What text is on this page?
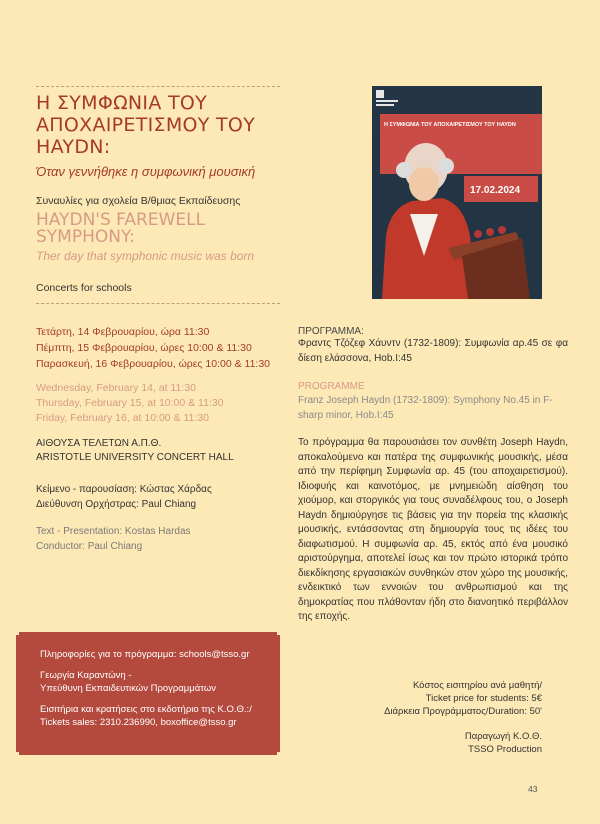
Η ΣΥΜΦΩΝΙΑ ΤΟΥ ΑΠΟΧΑΙΡΕΤΙΣΜΟΥ ΤΟΥ HAYDN:
Όταν γεννήθηκε η συμφωνική μουσική
Συναυλίες για σχολεία Β/θμιας Εκπαίδευσης
HAYDN'S FAREWELL SYMPHONY:
Ther day that symphonic music was born
Concerts for schools
Τετάρτη, 14 Φεβρουαρίου, ώρα 11:30
Πέμπτη, 15 Φεβρουαρίου, ώρες 10:00 & 11:30
Παρασκευή, 16 Φεβρουαρίου, ώρες 10:00 & 11:30
Wednesday, February 14, at 11:30
Thursday, February 15, at 10:00 & 11:30
Friday, February 16, at 10:00 & 11:30
ΑΙΘΟΥΣΑ ΤΕΛΕΤΩΝ Α.Π.Θ.
ARISTOTLE UNIVERSITY CONCERT HALL
Κείμενο - παρουσίαση: Κώστας Χάρδας
Διεύθυνση Ορχήστρας: Paul Chiang
Text - Presentation: Kostas Hardas
Conductor: Paul Chiang

Πληροφορίες για το πρόγραμμα: schools@tsso.gr

Γεωργία Καραντώνη -
Υπεύθυνη Εκπαιδευτικών Προγραμμάτων

Εισιτήρια και κρατήσεις στο εκδοτήριο της Κ.Ο.Θ.:/
Tickets sales: 2310.236990, boxoffice@tsso.gr

Η ΣΥΜΦΩΝΙΑ ΤΟΥ ΑΠΟΧΑΙΡΕΤΙΣΜΟΥ ΤΟΥ HAYDN
17.02.2024
ΠΡΟΓΡΑΜΜΑ:
Φραντς Τζόζεφ Χάυντν (1732-1809): Συμφωνία αρ.45 σε φα δίεση ελάσσονα, Hob.I:45
PROGRAMME
Franz Joseph Haydn (1732-1809): Symphony No.45 in F-sharp minor, Hob.I:45
Το πρόγραμμα θα παρουσιάσει τον συνθέτη Joseph Haydn, αποκαλούμενο και πατέρα της συμφωνικής μουσικής, μέσα από την περίφημη Συμφωνία αρ. 45 (του αποχαιρετισμού). Ιδιοφυής και καινοτόμος, με μνημειώδη αίσθηση του χιούμορ, και στοργικός για τους συναδέλφους του, ο Joseph Haydn δημιούργησε τις βάσεις για την πορεία της κλασικής μουσικής, εντάσσοντας στη δημιουργία τους τις ιδέες του διαφωτισμού. Η συμφωνία αρ. 45, εκτός από ένα μουσικό αριστούργημα, αποτελεί ίσως και τον πρώτο ιστορικά τρόπο διεκδίκησης εργασιακών συνθηκών στον χώρο της μουσικής, ενδεικτικό των εννοιών του ανθρωπισμού και της δημοκρατίας που πλάθονταν ήδη στο διανοητικό περιβάλλον της εποχής.
Κόστος εισιτηρίου ανά μαθητή/
Ticket price for students: 5€
Διάρκεια Προγράμματος/Duration: 50'
Παραγωγή Κ.Ο.Θ.
TSSO Production
43
